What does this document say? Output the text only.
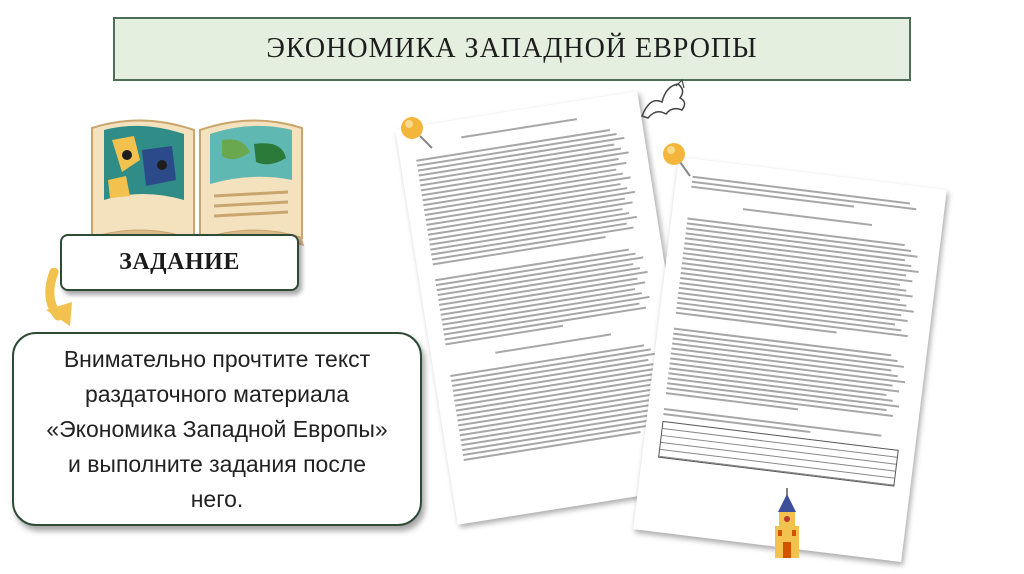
ЭКОНОМИКА ЗАПАДНОЙ ЕВРОПЫ
ЗАДАНИЕ
Внимательно прочтите текст раздаточного материала «Экономика Западной Европы» и выполните задания после него.
